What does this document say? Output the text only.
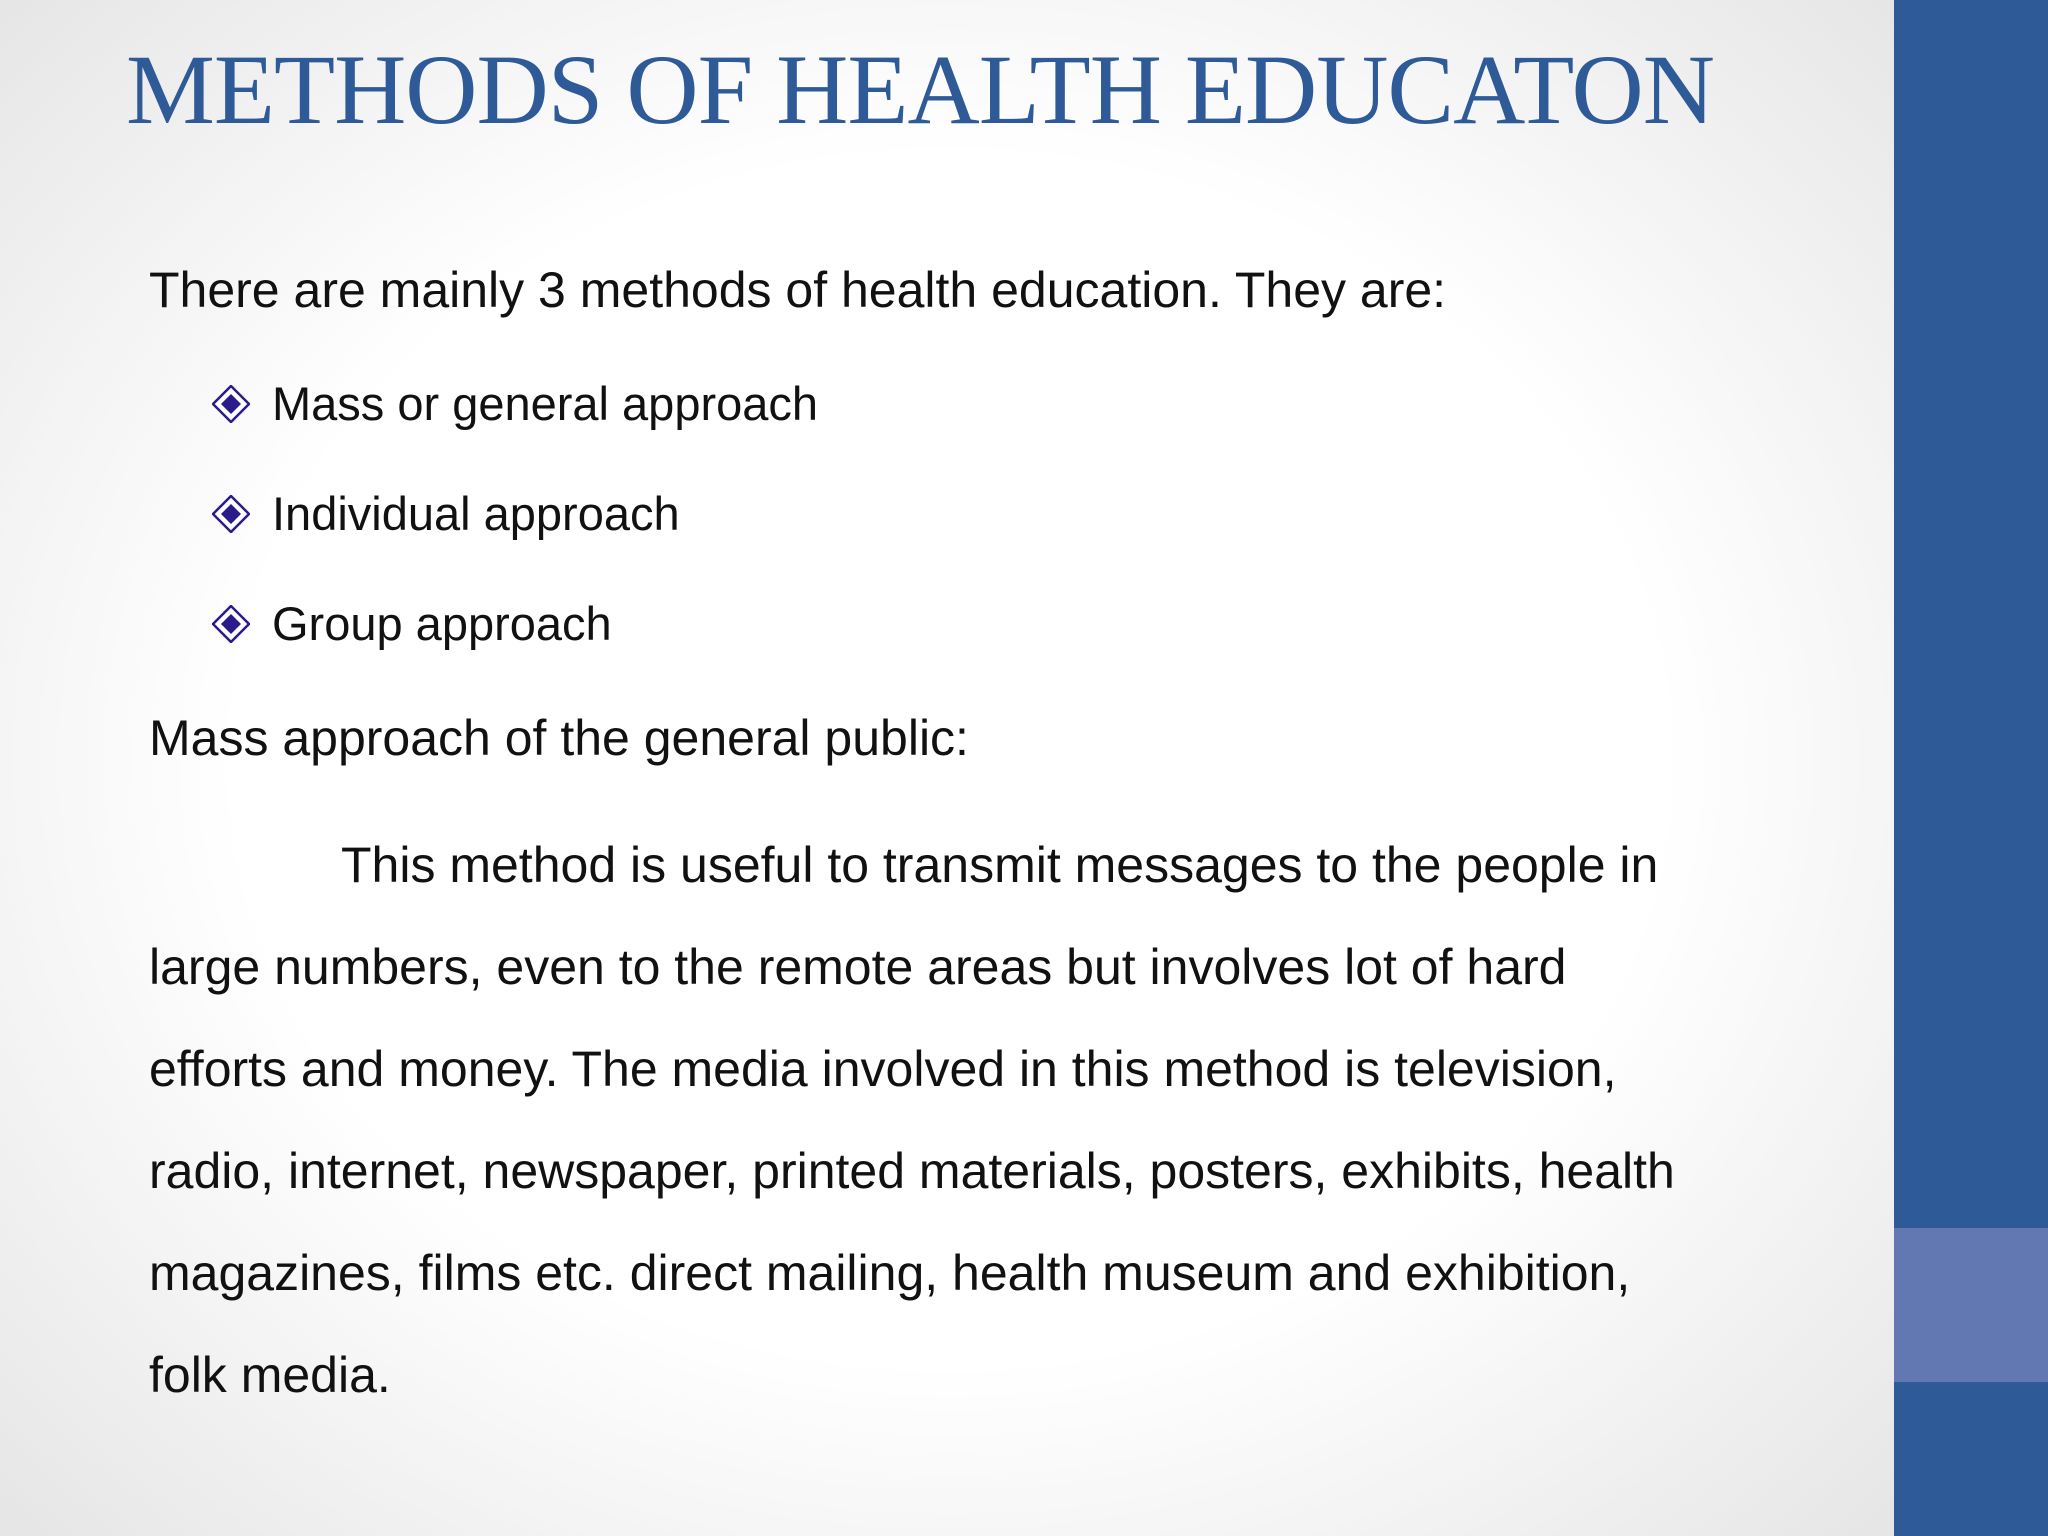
METHODS OF HEALTH EDUCATON

There are mainly 3 methods of health education. They are:

Mass or general approach
Individual approach
Group approach

Mass approach of the general public:

This method is useful to transmit messages to the people in
large numbers, even to the remote areas but involves lot of hard
efforts and money. The media involved in this method is television,
radio, internet, newspaper, printed materials, posters, exhibits, health
magazines, films etc. direct mailing, health museum and exhibition,
folk media.
